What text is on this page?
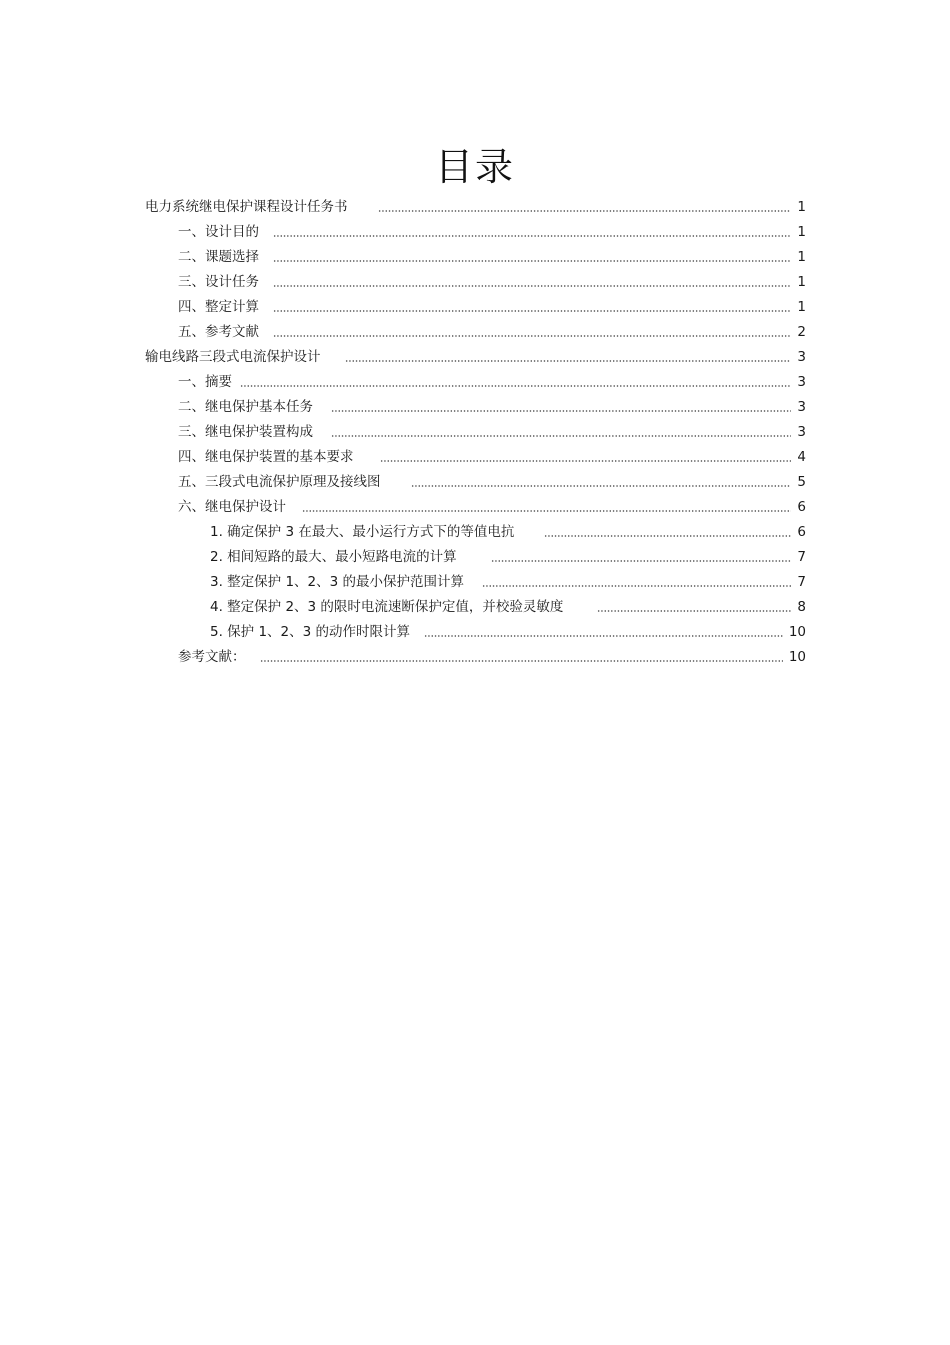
目录
电力系统继电保护课程设计任务书	1
一、设计目的	1
二、课题选择	1
三、设计任务	1
四、整定计算	1
五、参考文献	2
输电线路三段式电流保护设计	3
一、摘要	3
二、继电保护基本任务	3
三、继电保护装置构成	3
四、继电保护装置的基本要求	4
五、三段式电流保护原理及接线图	5
六、继电保护设计	6
1. 确定保护 3 在最大、最小运行方式下的等值电抗	6
2. 相间短路的最大、最小短路电流的计算	7
3. 整定保护 1、2、3 的最小保护范围计算	7
4. 整定保护 2、3 的限时电流速断保护定值，并校验灵敏度	8
5. 保护 1、2、3 的动作时限计算	10
参考文献：	10
